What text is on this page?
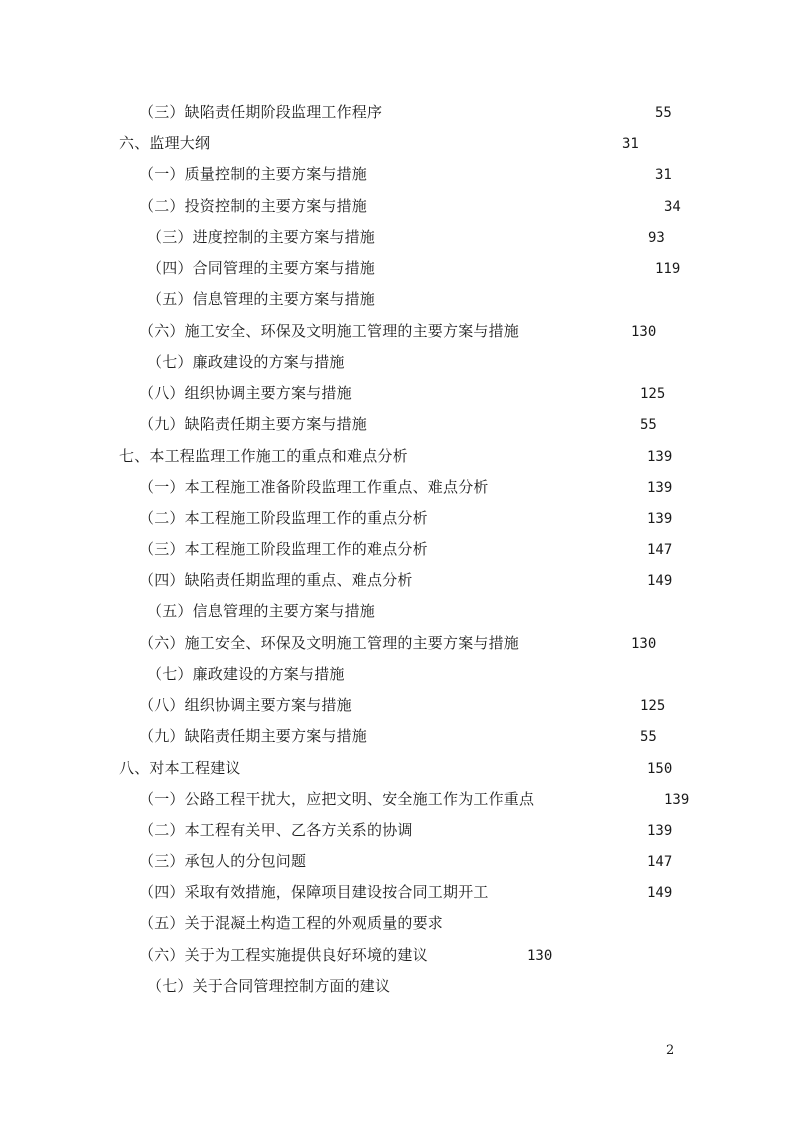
（三）缺陷责任期阶段监理工作程序	55
六、监理大纲	31
（一）质量控制的主要方案与措施	31
（二）投资控制的主要方案与措施	34
（三）进度控制的主要方案与措施	93
（四）合同管理的主要方案与措施	119
（五）信息管理的主要方案与措施
（六）施工安全、环保及文明施工管理的主要方案与措施	130
（七）廉政建设的方案与措施
（八）组织协调主要方案与措施	125
（九）缺陷责任期主要方案与措施	55
七、本工程监理工作施工的重点和难点分析	139
（一）本工程施工准备阶段监理工作重点、难点分析	139
（二）本工程施工阶段监理工作的重点分析	139
（三）本工程施工阶段监理工作的难点分析	147
（四）缺陷责任期监理的重点、难点分析	149
（五）信息管理的主要方案与措施
（六）施工安全、环保及文明施工管理的主要方案与措施	130
（七）廉政建设的方案与措施
（八）组织协调主要方案与措施	125
（九）缺陷责任期主要方案与措施	55
八、对本工程建议	150
（一）公路工程干扰大，应把文明、安全施工作为工作重点	139
（二）本工程有关甲、乙各方关系的协调	139
（三）承包人的分包问题	147
（四）采取有效措施，保障项目建设按合同工期开工	149
（五）关于混凝土构造工程的外观质量的要求
（六）关于为工程实施提供良好环境的建议	130
（七）关于合同管理控制方面的建议
2
